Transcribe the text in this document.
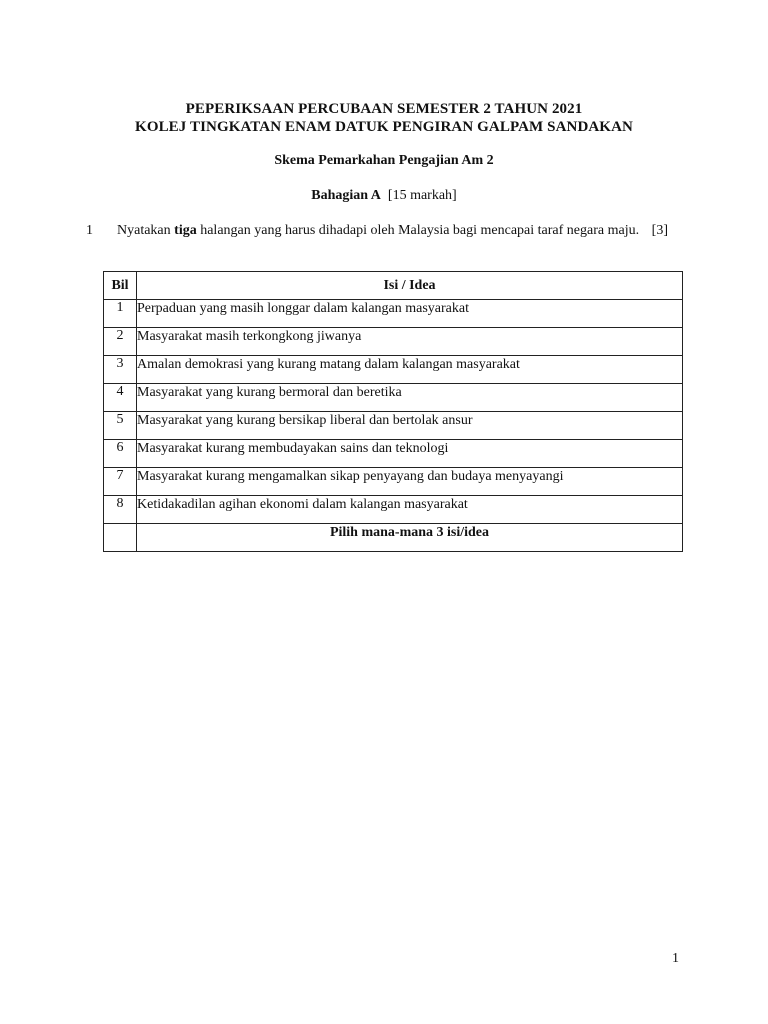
PEPERIKSAAN PERCUBAAN SEMESTER 2 TAHUN 2021
KOLEJ TINGKATAN ENAM DATUK PENGIRAN GALPAM SANDAKAN
Skema Pemarkahan Pengajian Am 2
Bahagian A [15 markah]
1 Nyatakan tiga halangan yang harus dihadapi oleh Malaysia bagi mencapai taraf negara maju. [3]
Bil	Isi / Idea
1	Perpaduan yang masih longgar dalam kalangan masyarakat
2	Masyarakat masih terkongkong jiwanya
3	Amalan demokrasi yang kurang matang dalam kalangan masyarakat
4	Masyarakat yang kurang bermoral dan beretika
5	Masyarakat yang kurang bersikap liberal dan bertolak ansur
6	Masyarakat kurang membudayakan sains dan teknologi
7	Masyarakat kurang mengamalkan sikap penyayang dan budaya menyayangi
8	Ketidakadilan agihan ekonomi dalam kalangan masyarakat
	Pilih mana-mana 3 isi/idea
1
